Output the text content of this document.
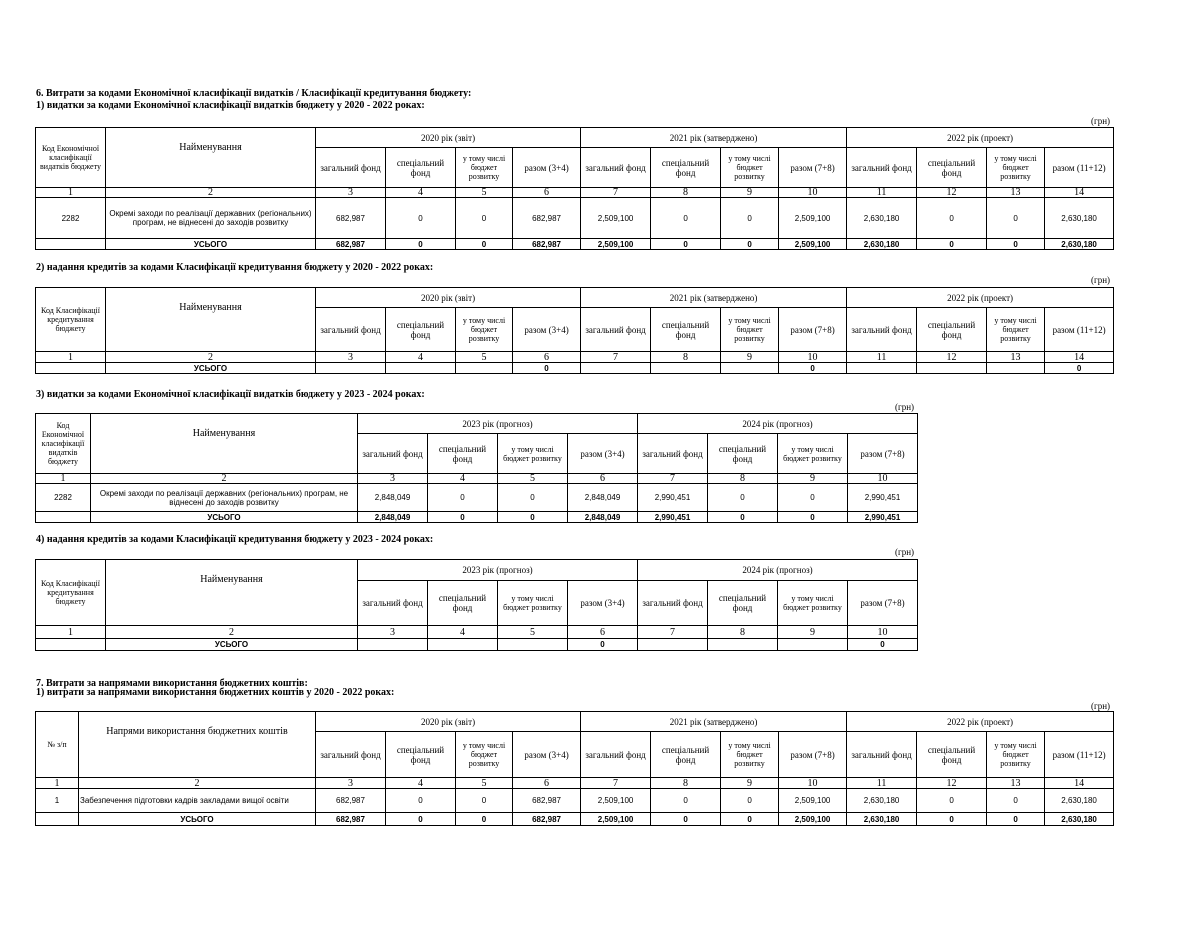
6. Витрати за кодами Економічної класифікації видатків / Класифікації кредитування бюджету:
7. Витрати за напрямами використання бюджетних коштів:
1) видатки за кодами Економічної класифікації видатків бюджету у 2020 - 2022 роках:
(грн)
Код Економічної класифікації видатків бюджету	Найменування	2020 рік (звіт)				2021 рік (затверджено)				2022 рік (проект)			
		загальний фонд	спеціальний фонд	у тому числі бюджет розвитку	разом (3+4)	загальний фонд	спеціальний фонд	у тому числі бюджет розвитку	разом (7+8)	загальний фонд	спеціальний фонд	у тому числі бюджет розвитку	разом (11+12)
1	2	3	4	5	6	7	8	9	10	11	12	13	14
2282	Окремі заходи по реалізації державних (регіональних) програм, не віднесені до заходів розвитку	682,987	0	0	682,987	2,509,100	0	0	2,509,100	2,630,180	0	0	2,630,180
	УСЬОГО	682,987	0	0	682,987	2,509,100	0	0	2,509,100	2,630,180	0	0	2,630,180
2) надання кредитів за кодами Класифікації кредитування бюджету у 2020 - 2022 роках:
(грн)
Код Класифікації кредитування бюджету	Найменування	2020 рік (звіт)				2021 рік (затверджено)				2022 рік (проект)			
		загальний фонд	спеціальний фонд	у тому числі бюджет розвитку	разом (3+4)	загальний фонд	спеціальний фонд	у тому числі бюджет розвитку	разом (7+8)	загальний фонд	спеціальний фонд	у тому числі бюджет розвитку	разом (11+12)
1	2	3	4	5	6	7	8	9	10	11	12	13	14
	УСЬОГО				0				0				0
3) видатки за кодами Економічної класифікації видатків бюджету у 2023 - 2024 роках:
(грн)
Код Економічної класифікації видатків бюджету	Найменування	2023 рік (прогноз)				2024 рік (прогноз)			
		загальний фонд	спеціальний фонд	у тому числі бюджет розвитку	разом (3+4)	загальний фонд	спеціальний фонд	у тому числі бюджет розвитку	разом (7+8)
1	2	3	4	5	6	7	8	9	10
2282	Окремі заходи по реалізації державних (регіональних) програм, не віднесені до заходів розвитку	2,848,049	0	0	2,848,049	2,990,451	0	0	2,990,451
	УСЬОГО	2,848,049	0	0	2,848,049	2,990,451	0	0	2,990,451
4) надання кредитів за кодами Класифікації кредитування бюджету у 2023 - 2024 роках:
(грн)
Код Класифікації кредитування бюджету	Найменування	2023 рік (прогноз)				2024 рік (прогноз)			
		загальний фонд	спеціальний фонд	у тому числі бюджет розвитку	разом (3+4)	загальний фонд	спеціальний фонд	у тому числі бюджет розвитку	разом (7+8)
1	2	3	4	5	6	7	8	9	10
	УСЬОГО				0				0
1) витрати за напрямами використання бюджетних коштів у 2020 - 2022 роках:
(грн)
№ з/п	Напрями використання бюджетних коштів	2020 рік (звіт)				2021 рік (затверджено)				2022 рік (проект)			
		загальний фонд	спеціальний фонд	у тому числі бюджет розвитку	разом (3+4)	загальний фонд	спеціальний фонд	у тому числі бюджет розвитку	разом (7+8)	загальний фонд	спеціальний фонд	у тому числі бюджет розвитку	разом (11+12)
1	2	3	4	5	6	7	8	9	10	11	12	13	14
1	Забезпечення підготовки кадрів закладами вищої освіти	682,987	0	0	682,987	2,509,100	0	0	2,509,100	2,630,180	0	0	2,630,180
	УСЬОГО	682,987	0	0	682,987	2,509,100	0	0	2,509,100	2,630,180	0	0	2,630,180
